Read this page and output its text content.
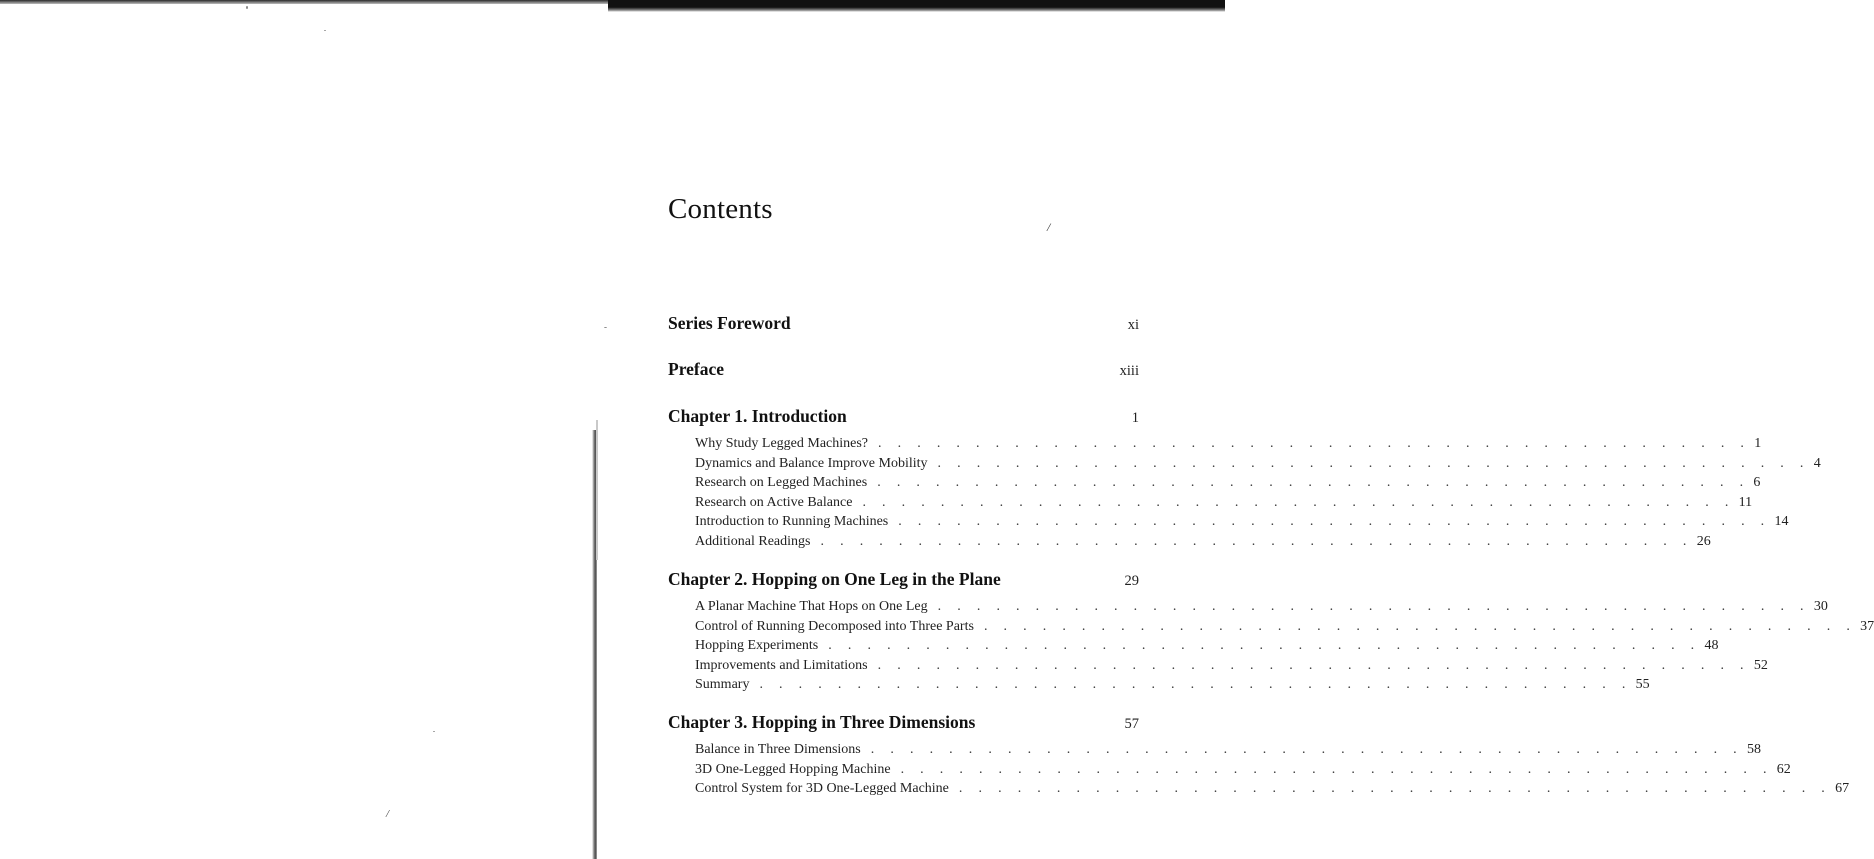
/
/
Contents
Series Foreword	xi
Preface	xiii
Chapter 1. Introduction	1
Why Study Legged Machines? . . . . . . . . . . . . . . . . . . . . . . . . . . . . . . . . . . . . . . . . . . . . . 1
Dynamics and Balance Improve Mobility . . . . . . . . . . . . . . . . . . . . . . . . . . . . . . . . . . . . . . . . . . . . . 4
Research on Legged Machines . . . . . . . . . . . . . . . . . . . . . . . . . . . . . . . . . . . . . . . . . . . . . 6
Research on Active Balance . . . . . . . . . . . . . . . . . . . . . . . . . . . . . . . . . . . . . . . . . . . . . 11
Introduction to Running Machines . . . . . . . . . . . . . . . . . . . . . . . . . . . . . . . . . . . . . . . . . . . . . 14
Additional Readings . . . . . . . . . . . . . . . . . . . . . . . . . . . . . . . . . . . . . . . . . . . . . 26
Chapter 2. Hopping on One Leg in the Plane	29
A Planar Machine That Hops on One Leg . . . . . . . . . . . . . . . . . . . . . . . . . . . . . . . . . . . . . . . . . . . . . 30
Control of Running Decomposed into Three Parts . . . . . . . . . . . . . . . . . . . . . . . . . . . . . . . . . . . . . . . . . . . . . 37
Hopping Experiments . . . . . . . . . . . . . . . . . . . . . . . . . . . . . . . . . . . . . . . . . . . . . 48
Improvements and Limitations . . . . . . . . . . . . . . . . . . . . . . . . . . . . . . . . . . . . . . . . . . . . . 52
Summary . . . . . . . . . . . . . . . . . . . . . . . . . . . . . . . . . . . . . . . . . . . . . 55
Chapter 3. Hopping in Three Dimensions	57
Balance in Three Dimensions . . . . . . . . . . . . . . . . . . . . . . . . . . . . . . . . . . . . . . . . . . . . . 58
3D One-Legged Hopping Machine . . . . . . . . . . . . . . . . . . . . . . . . . . . . . . . . . . . . . . . . . . . . . 62
Control System for 3D One-Legged Machine . . . . . . . . . . . . . . . . . . . . . . . . . . . . . . . . . . . . . . . . . . . . . 67
